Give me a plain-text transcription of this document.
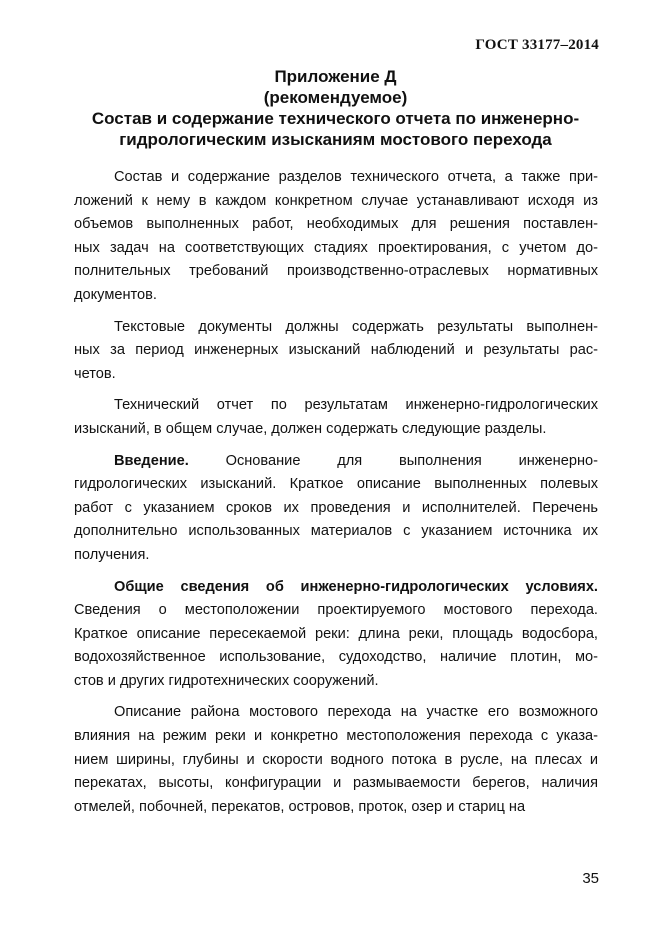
ГОСТ 33177–2014
Приложение Д
(рекомендуемое)
Состав и содержание технического отчета по инженерно-
гидрологическим изысканиям мостового перехода
Состав и содержание разделов технического отчета, а также при-
ложений к нему в каждом конкретном случае устанавливают исходя из
объемов выполненных работ, необходимых для решения поставлен-
ных задач на соответствующих стадиях проектирования, с учетом до-
полнительных требований производственно-отраслевых нормативных
документов.
Текстовые документы должны содержать результаты выполнен-
ных за период инженерных изысканий наблюдений и результаты рас-
четов.
Технический отчет по результатам инженерно-гидрологических
изысканий, в общем случае, должен содержать следующие разделы.
Введение. Основание для выполнения инженерно-
гидрологических изысканий. Краткое описание выполненных полевых
работ с указанием сроков их проведения и исполнителей. Перечень
дополнительно использованных материалов с указанием источника их
получения.
Общие сведения об инженерно-гидрологических условиях.
Сведения о местоположении проектируемого мостового перехода.
Краткое описание пересекаемой реки: длина реки, площадь водосбора,
водохозяйственное использование, судоходство, наличие плотин, мо-
стов и других гидротехнических сооружений.
Описание района мостового перехода на участке его возможного
влияния на режим реки и конкретно местоположения перехода с указа-
нием ширины, глубины и скорости водного потока в русле, на плесах и
перекатах, высоты, конфигурации и размываемости берегов, наличия
отмелей, побочней, перекатов, островов, проток, озер и стариц на
35
